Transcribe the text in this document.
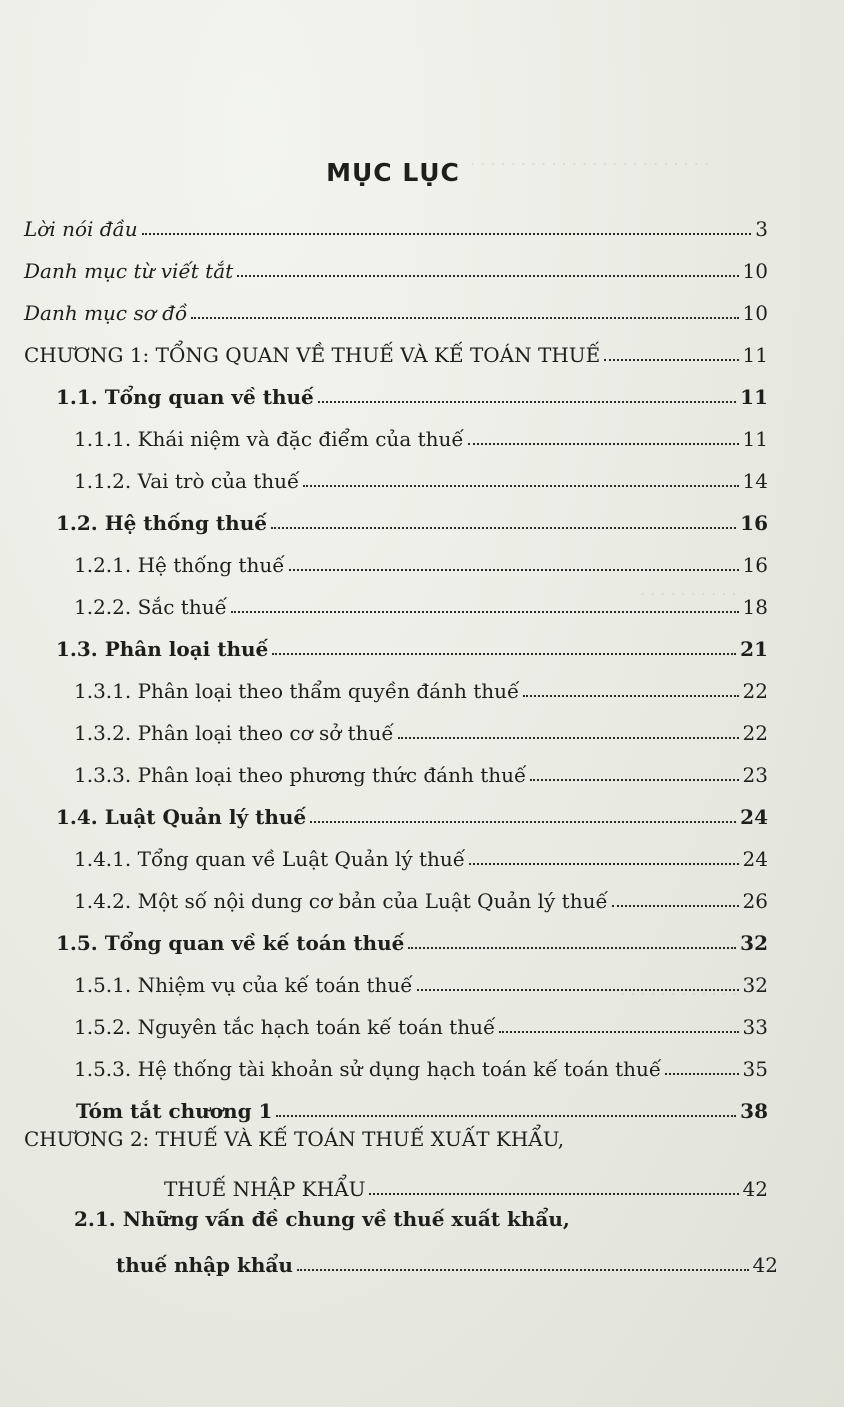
. . . . . . . . . . . . . . . . . . . . . . . .
. . . . . . . . . .
. . . . . . . . . . . .
MỤC LỤC
Lời nói đầu	3
Danh mục từ viết tắt	10
Danh mục sơ đồ	10
CHƯƠNG 1: TỔNG QUAN VỀ THUẾ VÀ KẾ TOÁN THUẾ	11
1.1. Tổng quan về thuế	11
1.1.1. Khái niệm và đặc điểm của thuế	11
1.1.2. Vai trò của thuế	14
1.2. Hệ thống thuế	16
1.2.1. Hệ thống thuế	16
1.2.2. Sắc thuế	18
1.3. Phân loại thuế	21
1.3.1. Phân loại theo thẩm quyền đánh thuế	22
1.3.2. Phân loại theo cơ sở thuế	22
1.3.3. Phân loại theo phương thức đánh thuế	23
1.4. Luật Quản lý thuế	24
1.4.1. Tổng quan về Luật Quản lý thuế	24
1.4.2. Một số nội dung cơ bản của Luật Quản lý thuế	26
1.5. Tổng quan về kế toán thuế	32
1.5.1. Nhiệm vụ của kế toán thuế	32
1.5.2. Nguyên tắc hạch toán kế toán thuế	33
1.5.3. Hệ thống tài khoản sử dụng hạch toán kế toán thuế	35
Tóm tắt chương 1	38
CHƯƠNG 2: THUẾ VÀ KẾ TOÁN THUẾ XUẤT KHẨU,
THUẾ NHẬP KHẨU	42
2.1. Những vấn đề chung về thuế xuất khẩu,
thuế nhập khẩu	42
